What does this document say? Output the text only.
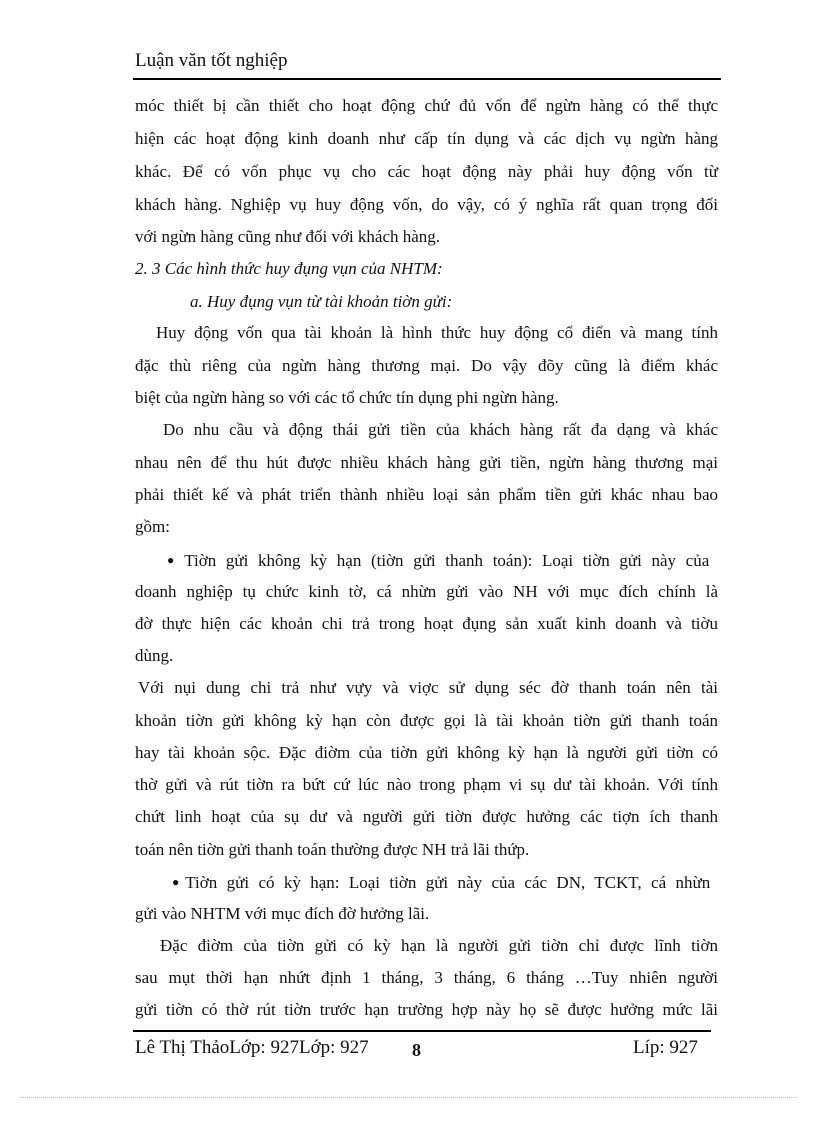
Luận văn tốt nghiệp
móc thiết bị cần thiết cho hoạt động chứ đủ vốn để ngừn hàng có thể thực
hiện các hoạt động kinh doanh như cấp tín dụng và các dịch vụ ngừn hàng
khác. Để có vốn phục vụ cho các hoạt động này phải huy động vốn từ
khách hàng. Nghiệp vụ huy động vốn, do vậy, có ý nghĩa rất quan trọng đối
với ngừn hàng cũng như đối với khách hàng.
2. 3 Các hình thức huy đụng vụn của NHTM:
a. Huy đụng vụn từ tài khoản tiờn gửi:
Huy động vốn qua tài khoản là hình thức huy động cổ điển và mang tính
đặc thù riêng của ngừn hàng thương mại. Do vậy đõy cũng là điểm khác
biệt của ngừn hàng so với các tổ chức tín dụng phi ngừn hàng.
Do nhu cầu và động thái gửi tiền của khách hàng rất đa dạng và khác
nhau nên để thu hút được nhiều khách hàng gửi tiền, ngừn hàng thương mại
phải thiết kế và phát triển thành nhiều loại sản phẩm tiền gửi khác nhau bao
gồm:
● Tiờn gửi không kỳ hạn (tiờn gửi thanh toán): Loại tiờn gửi này của
doanh nghiệp tụ chức kinh tờ, cá nhừn gửi vào NH với mục đích chính là
đờ thực hiện các khoản chi trả trong hoạt đụng sản xuất kinh doanh và tiờu
dùng.
Với nụi dung chi trả như vựy và viợc sử dụng séc đờ thanh toán nên tài
khoản tiờn gửi không kỳ hạn còn được gọi là tài khoản tiờn gửi thanh toán
hay tài khoản sộc. Đặc điờm của tiờn gửi không kỳ hạn là người gửi tiờn có
thờ gửi và rút tiờn ra bứt cứ lúc nào trong phạm vi sụ dư tài khoản. Với tính
chứt linh hoạt của sụ dư và người gửi tiờn được hưởng các tiợn ích thanh
toán nên tiờn gửi thanh toán thường được NH trả lãi thứp.
● Tiờn gửi có kỳ hạn: Loại tiờn gửi này của các DN, TCKT, cá nhừn
gửi vào NHTM với mục đích đờ hưởng lãi.
Đặc điờm của tiờn gửi có kỳ hạn là người gửi tiờn chỉ được lĩnh tiờn
sau mụt thời hạn nhứt định 1 tháng, 3 tháng, 6 tháng …Tuy nhiên người
gửi tiờn có thờ rút tiờn trước hạn trường hợp này họ sẽ được hưởng mức lãi
Lê Thị ThảoLớp: 927Lớp: 927 8	Líp: 927
